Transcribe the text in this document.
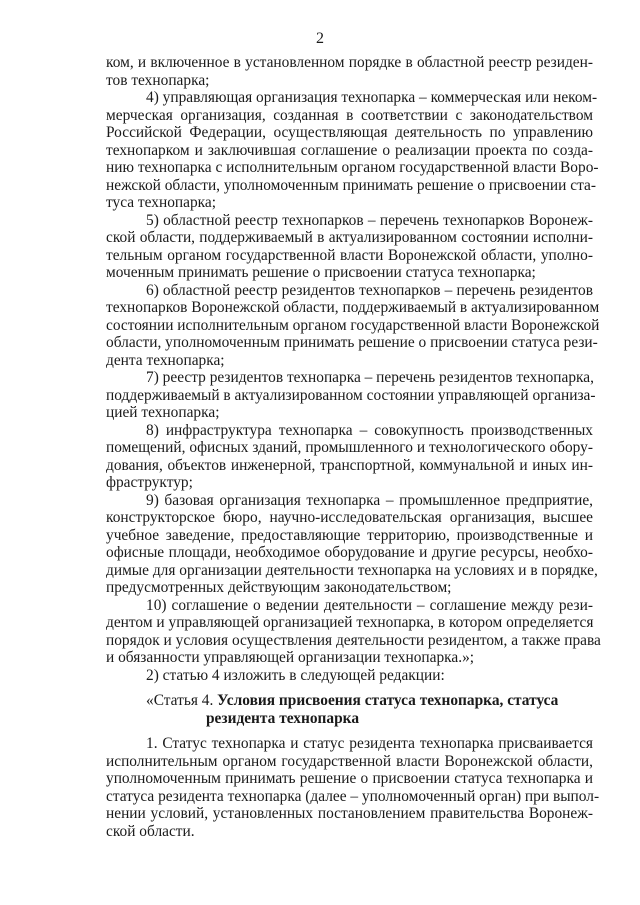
2
ком, и включенное в установленном порядке в областной реестр резиден-
тов технопарка;
4) управляющая организация технопарка – коммерческая или неком-
мерческая организация, созданная в соответствии с законодательством
Российской Федерации, осуществляющая деятельность по управлению
технопарком и заключившая соглашение о реализации проекта по созда-
нию технопарка с исполнительным органом государственной власти Воро-
нежской области, уполномоченным принимать решение о присвоении ста-
туса технопарка;
5) областной реестр технопарков – перечень технопарков Воронеж-
ской области, поддерживаемый в актуализированном состоянии исполни-
тельным органом государственной власти Воронежской области, уполно-
моченным принимать решение о присвоении статуса технопарка;
6) областной реестр резидентов технопарков – перечень резидентов
технопарков Воронежской области, поддерживаемый в актуализированном
состоянии исполнительным органом государственной власти Воронежской
области, уполномоченным принимать решение о присвоении статуса рези-
дента технопарка;
7) реестр резидентов технопарка – перечень резидентов технопарка,
поддерживаемый в актуализированном состоянии управляющей организа-
цией технопарка;
8) инфраструктура технопарка – совокупность производственных
помещений, офисных зданий, промышленного и технологического обору-
дования, объектов инженерной, транспортной, коммунальной и иных ин-
фраструктур;
9) базовая организация технопарка – промышленное предприятие,
конструкторское бюро, научно-исследовательская организация, высшее
учебное заведение, предоставляющие территорию, производственные и
офисные площади, необходимое оборудование и другие ресурсы, необхо-
димые для организации деятельности технопарка на условиях и в порядке,
предусмотренных действующим законодательством;
10) соглашение о ведении деятельности – соглашение между рези-
дентом и управляющей организацией технопарка, в котором определяется
порядок и условия осуществления деятельности резидентом, а также права
и обязанности управляющей организации технопарка.»;
2) статью 4 изложить в следующей редакции:
«Статья 4. Условия присвоения статуса технопарка, статуса
резидента технопарка
1. Статус технопарка и статус резидента технопарка присваивается
исполнительным органом государственной власти Воронежской области,
уполномоченным принимать решение о присвоении статуса технопарка и
статуса резидента технопарка (далее – уполномоченный орган) при выпол-
нении условий, установленных постановлением правительства Воронеж-
ской области.
